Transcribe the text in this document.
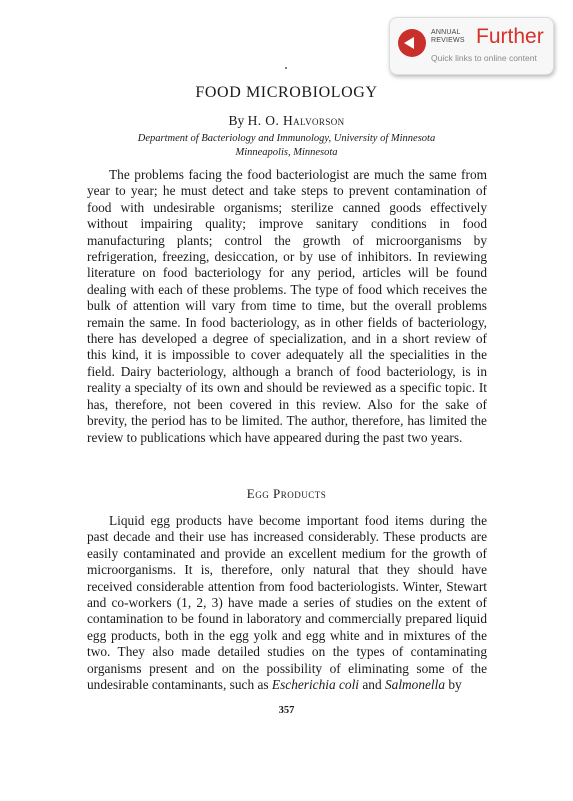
ANNUAL
REVIEWS Further
Quick links to online content
FOOD MICROBIOLOGY
By H. O. Halvorson
Department of Bacteriology and Immunology, University of Minnesota
Minneapolis, Minnesota

The problems facing the food bacteriologist are much the same from year to year; he must detect and take steps to prevent contamination of food with undesirable organisms; sterilize canned goods effectively without impairing quality; improve sanitary conditions in food manufacturing plants; control the growth of microorganisms by refrigeration, freezing, desiccation, or by use of inhibitors. In reviewing literature on food bacteriology for any period, articles will be found dealing with each of these problems. The type of food which receives the bulk of attention will vary from time to time, but the overall problems remain the same. In food bacteriology, as in other fields of bacteriology, there has developed a degree of specialization, and in a short review of this kind, it is impossible to cover adequately all the specialities in the field. Dairy bacteriology, although a branch of food bacteriology, is in reality a specialty of its own and should be reviewed as a specific topic. It has, therefore, not been covered in this review. Also for the sake of brevity, the period has to be limited. The author, therefore, has limited the review to publications which have appeared during the past two years.

Egg Products

Liquid egg products have become important food items during the past decade and their use has increased considerably. These products are easily contaminated and provide an excellent medium for the growth of microorganisms. It is, therefore, only natural that they should have received considerable attention from food bacteriologists. Winter, Stewart and co-workers (1, 2, 3) have made a series of studies on the extent of contamination to be found in laboratory and commercially prepared liquid egg products, both in the egg yolk and egg white and in mixtures of the two. They also made detailed studies on the types of contaminating organisms present and on the possibility of eliminating some of the undesirable contaminants, such as Escherichia coli and Salmonella by

357
